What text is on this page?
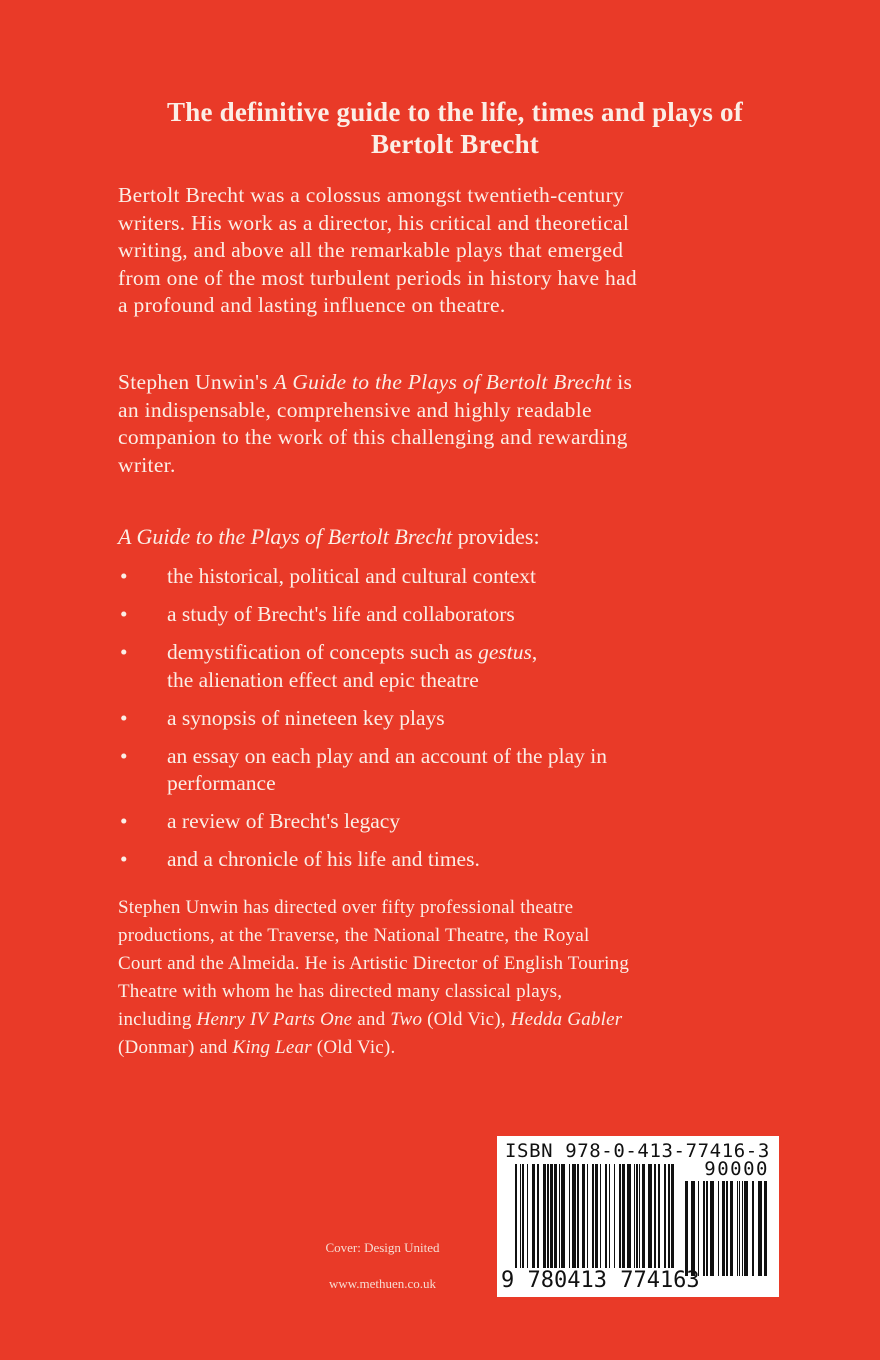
The definitive guide to the life, times and plays of
Bertolt Brecht
Bertolt Brecht was a colossus amongst twentieth-century
writers. His work as a director, his critical and theoretical
writing, and above all the remarkable plays that emerged
from one of the most turbulent periods in history have had
a profound and lasting influence on theatre.
Stephen Unwin's A Guide to the Plays of Bertolt Brecht is
an indispensable, comprehensive and highly readable
companion to the work of this challenging and rewarding
writer.
A Guide to the Plays of Bertolt Brecht provides:
• the historical, political and cultural context
• a study of Brecht's life and collaborators
• demystification of concepts such as gestus,
the alienation effect and epic theatre
• a synopsis of nineteen key plays
• an essay on each play and an account of the play in
performance
• a review of Brecht's legacy
• and a chronicle of his life and times.
Stephen Unwin has directed over fifty professional theatre
productions, at the Traverse, the National Theatre, the Royal
Court and the Almeida. He is Artistic Director of English Touring
Theatre with whom he has directed many classical plays,
including Henry IV Parts One and Two (Old Vic), Hedda Gabler
(Donmar) and King Lear (Old Vic).
Cover: Design United
www.methuen.co.uk
ISBN 978-0-413-77416-3
90000
9 780413 774163
